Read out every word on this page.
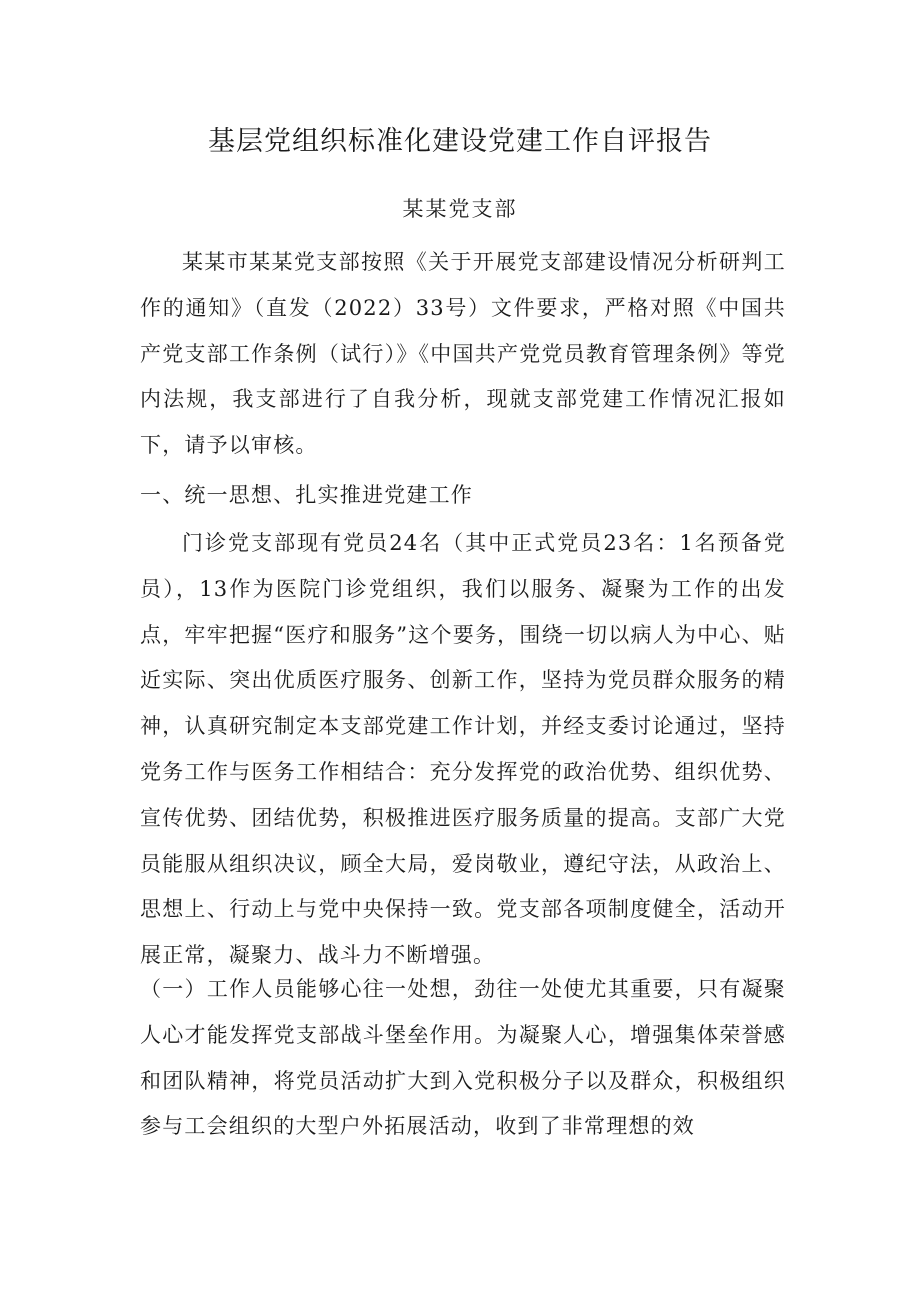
基层党组织标准化建设党建工作自评报告

某某党支部

某某市某某党支部按照《关于开展党支部建设情况分析研判工作的通知》（直发（2022）33号）文件要求，严格对照《中国共产党支部工作条例（试行）》《中国共产党党员教育管理条例》等党内法规，我支部进行了自我分析，现就支部党建工作情况汇报如下，请予以审核。

一、统一思想、扎实推进党建工作

门诊党支部现有党员24名（其中正式党员23名：1名预备党员），13作为医院门诊党组织，我们以服务、凝聚为工作的出发点，牢牢把握“医疗和服务”这个要务，围绕一切以病人为中心、贴近实际、突出优质医疗服务、创新工作，坚持为党员群众服务的精神，认真研究制定本支部党建工作计划，并经支委讨论通过，坚持党务工作与医务工作相结合：充分发挥党的政治优势、组织优势、宣传优势、团结优势，积极推进医疗服务质量的提高。支部广大党员能服从组织决议，顾全大局，爱岗敬业，遵纪守法，从政治上、思想上、行动上与党中央保持一致。党支部各项制度健全，活动开展正常，凝聚力、战斗力不断增强。

（一）工作人员能够心往一处想，劲往一处使尤其重要，只有凝聚人心才能发挥党支部战斗堡垒作用。为凝聚人心，增强集体荣誉感和团队精神，将党员活动扩大到入党积极分子以及群众，积极组织参与工会组织的大型户外拓展活动，收到了非常理想的效
